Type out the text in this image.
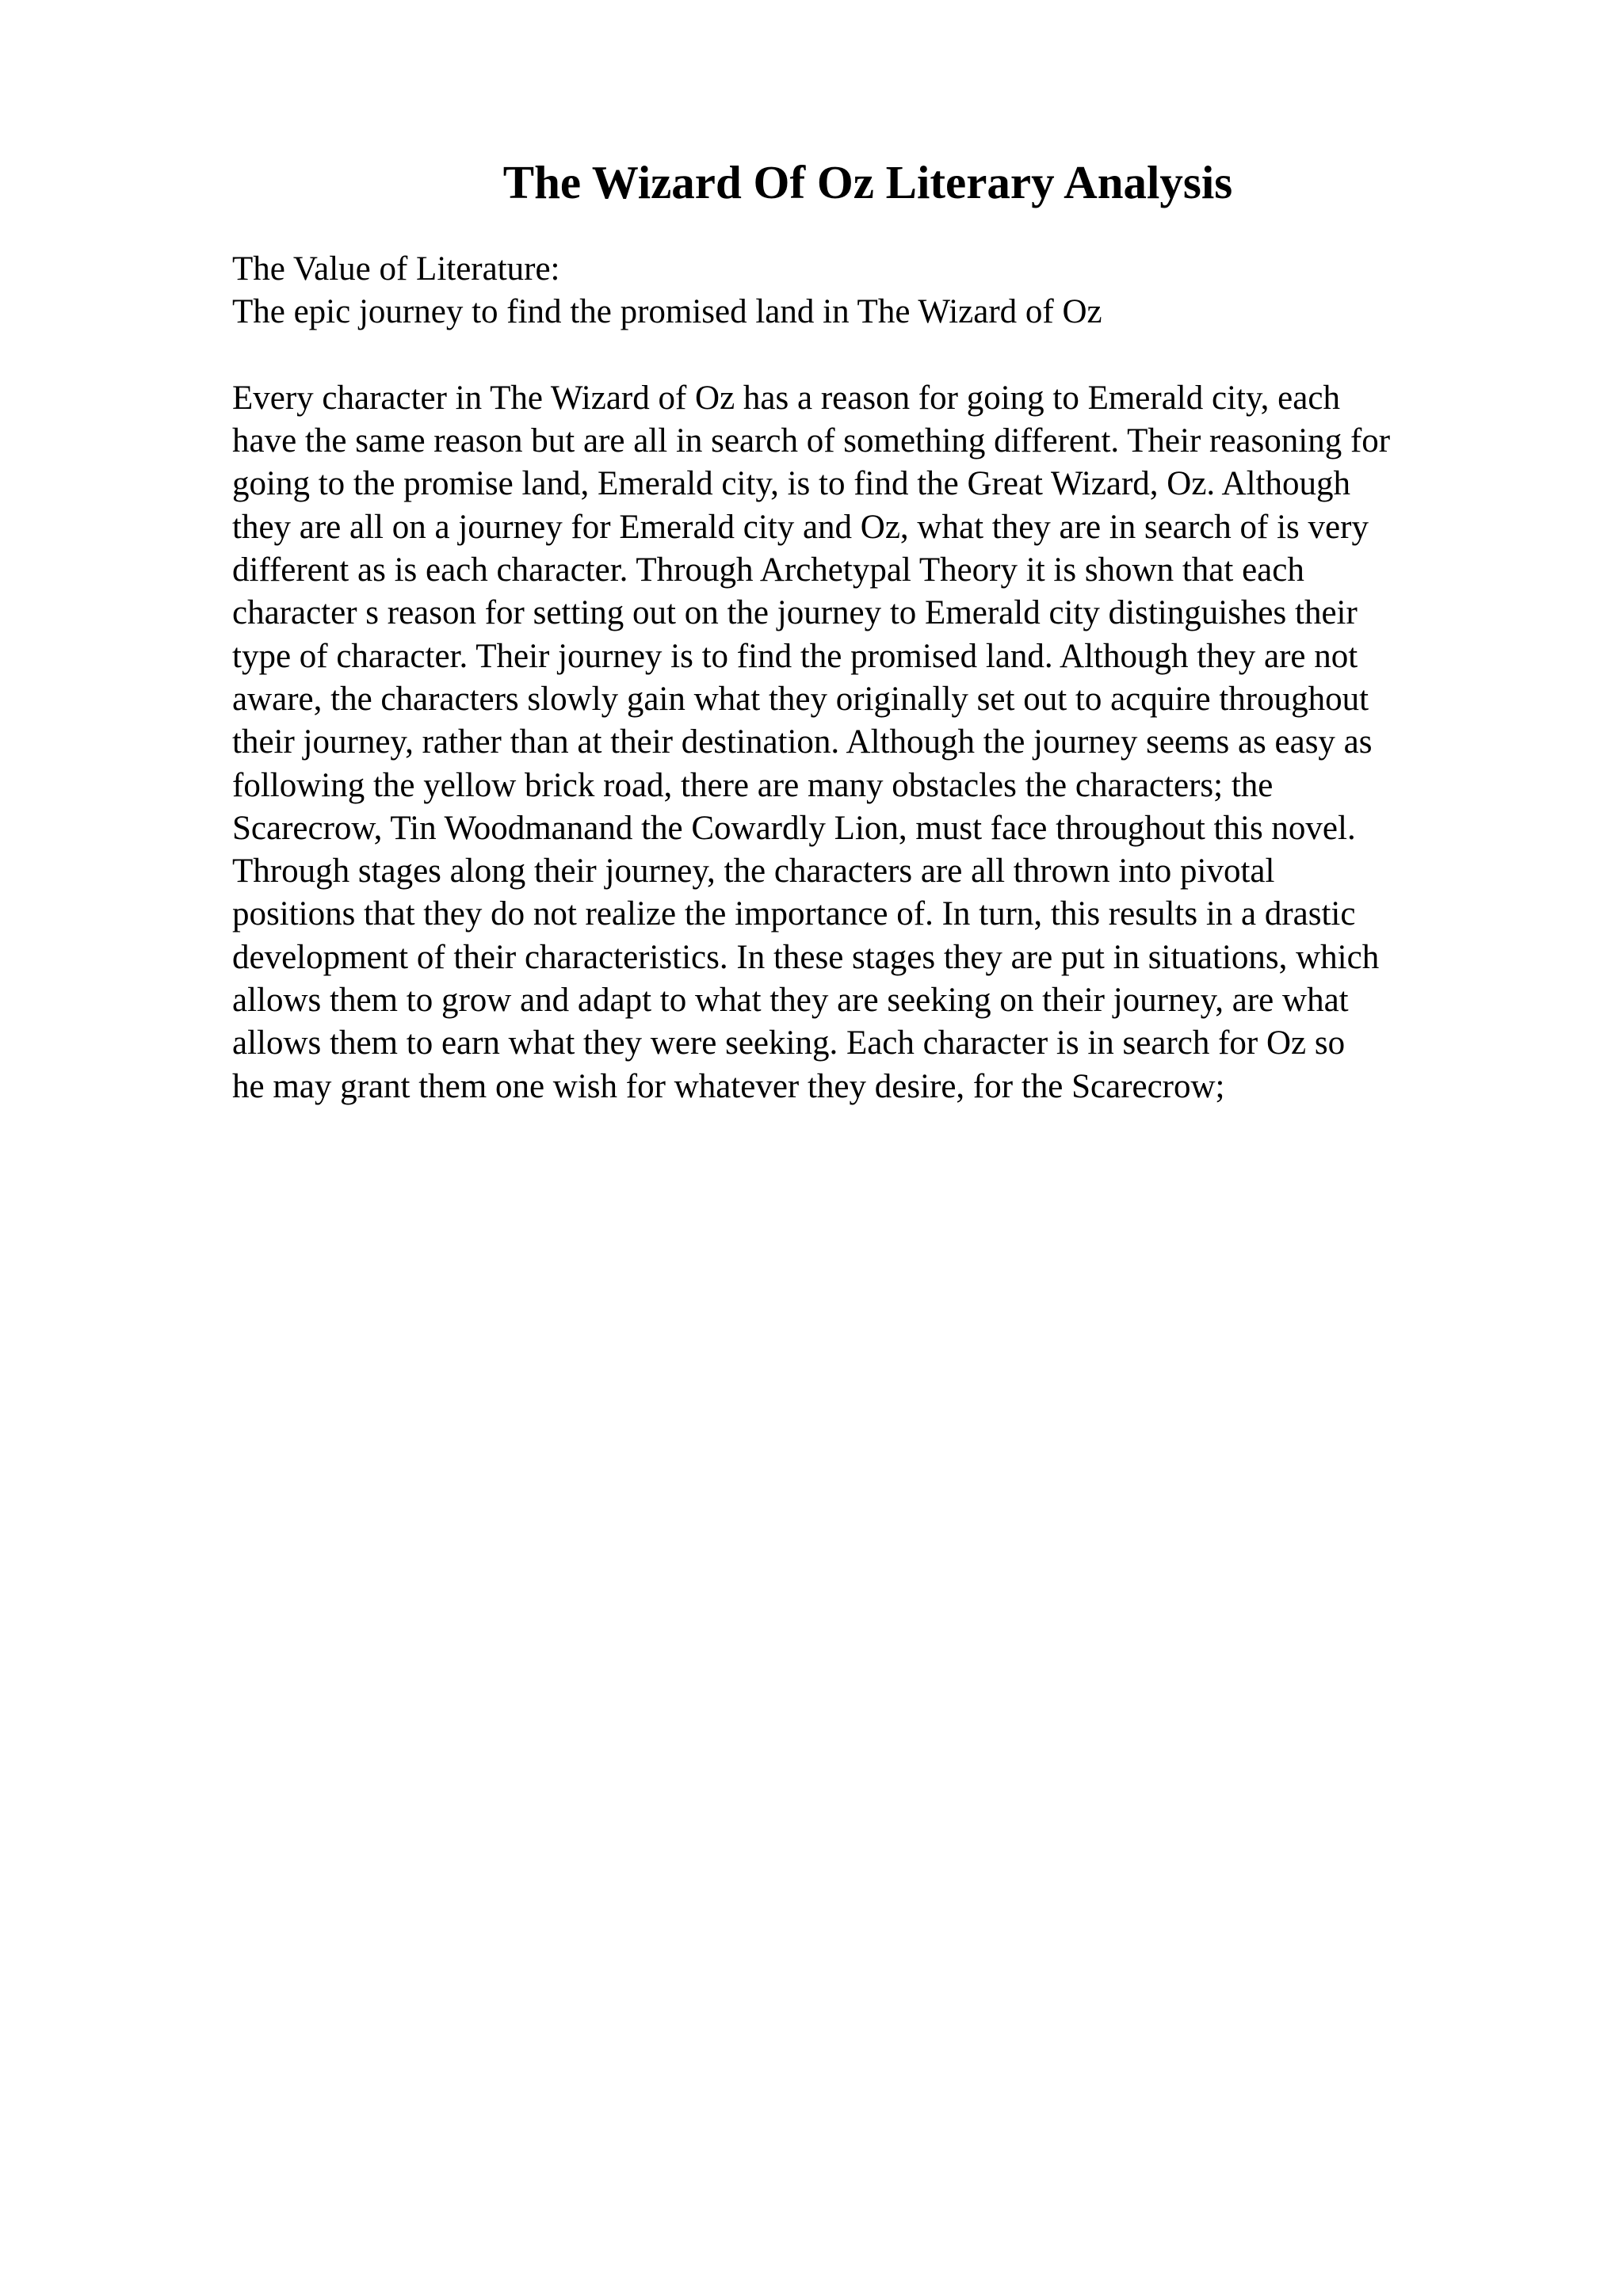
The Wizard Of Oz Literary Analysis
The Value of Literature:
The epic journey to find the promised land in The Wizard of Oz
Every character in The Wizard of Oz has a reason for going to Emerald city, each
have the same reason but are all in search of something different. Their reasoning for
going to the promise land, Emerald city, is to find the Great Wizard, Oz. Although
they are all on a journey for Emerald city and Oz, what they are in search of is very
different as is each character. Through Archetypal Theory it is shown that each
character s reason for setting out on the journey to Emerald city distinguishes their
type of character. Their journey is to find the promised land. Although they are not
aware, the characters slowly gain what they originally set out to acquire throughout
their journey, rather than at their destination. Although the journey seems as easy as
following the yellow brick road, there are many obstacles the characters; the
Scarecrow, Tin Woodmanand the Cowardly Lion, must face throughout this novel.
Through stages along their journey, the characters are all thrown into pivotal
positions that they do not realize the importance of. In turn, this results in a drastic
development of their characteristics. In these stages they are put in situations, which
allows them to grow and adapt to what they are seeking on their journey, are what
allows them to earn what they were seeking. Each character is in search for Oz so
he may grant them one wish for whatever they desire, for the Scarecrow;
